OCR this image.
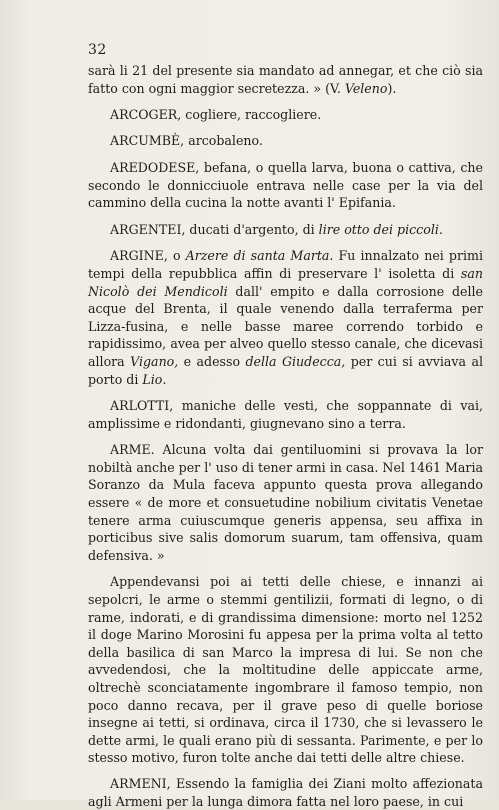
32

sarà li 21 del presente sia mandato ad annegar, et che ciò sia fatto con ogni maggior secretezza. » (V. Veleno).

ARCOGER, cogliere, raccogliere.

ARCUMBÈ, arcobaleno.

AREDODESE, befana, o quella larva, buona o cattiva, che secondo le donnicciuole entrava nelle case per la via del cammino della cucina la notte avanti l' Epifania.

ARGENTEI, ducati d'argento, di lire otto dei piccoli.

ARGINE, o Arzere di santa Marta. Fu innalzato nei primi tempi della repubblica affin di preservare l' isoletta di san Nicolò dei Mendicoli dall' empito e dalla corrosione delle acque del Brenta, il quale venendo dalla terraferma per Lizza-fusina, e nelle basse maree correndo torbido e rapidissimo, avea per alveo quello stesso canale, che dicevasi allora Vigano, e adesso della Giudecca, per cui si avviava al porto di Lio.

ARLOTTI, maniche delle vesti, che soppannate di vai, amplissime e ridondanti, giugnevano sino a terra.

ARME. Alcuna volta dai gentiluomini si provava la lor nobiltà anche per l' uso di tener armi in casa. Nel 1461 Maria Soranzo da Mula faceva appunto questa prova allegando essere « de more et consuetudine nobilium civitatis Venetae tenere arma cuiuscumque generis appensa, seu affixa in porticibus sive salis domorum suarum, tam offensiva, quam defensiva. »

Appendevansi poi ai tetti delle chiese, e innanzi ai sepolcri, le arme o stemmi gentilizii, formati di legno, o di rame, indorati, e di grandissima dimensione: morto nel 1252 il doge Marino Morosini fu appesa per la prima volta al tetto della basilica di san Marco la impresa di lui. Se non che avvedendosi, che la moltitudine delle appiccate arme, oltrechè sconciatamente ingombrare il famoso tempio, non poco danno recava, per il grave peso di quelle boriose insegne ai tetti, si ordinava, circa il 1730, che si levassero le dette armi, le quali erano più di sessanta. Parimente, e per lo stesso motivo, furon tolte anche dai tetti delle altre chiese.

ARMENI, Essendo la famiglia dei Ziani molto affezionata agli Armeni per la lunga dimora fatta nel loro paese, in cui
